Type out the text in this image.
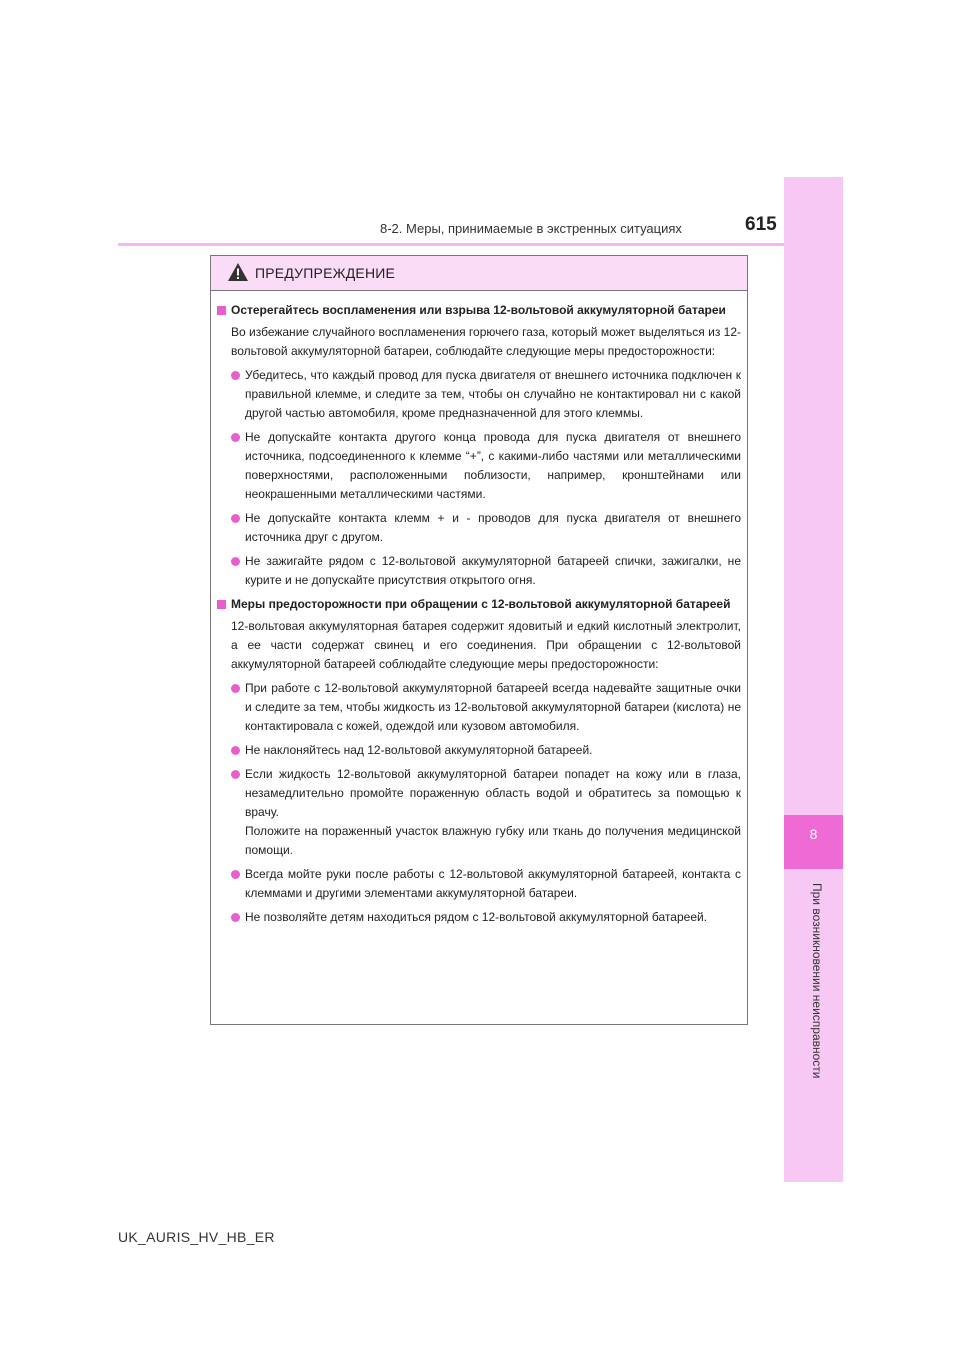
8-2. Меры, принимаемые в экстренных ситуациях	615
8
При возникновении неисправности
ПРЕДУПРЕЖДЕНИЕ
Остерегайтесь воспламенения или взрыва 12-вольтовой аккумуляторной батареи
Во избежание случайного воспламенения горючего газа, который может выделяться из 12-вольтовой аккумуляторной батареи, соблюдайте следующие меры предосторожности:
Убедитесь, что каждый провод для пуска двигателя от внешнего источника подключен к правильной клемме, и следите за тем, чтобы он случайно не контактировал ни с какой другой частью автомобиля, кроме предназначенной для этого клеммы.
Не допускайте контакта другого конца провода для пуска двигателя от внешнего источника, подсоединенного к клемме “+”, с какими-либо частями или металлическими поверхностями, расположенными поблизости, например, кронштейнами или неокрашенными металлическими частями.
Не допускайте контакта клемм + и - проводов для пуска двигателя от внешнего источника друг с другом.
Не зажигайте рядом с 12-вольтовой аккумуляторной батареей спички, зажигалки, не курите и не допускайте присутствия открытого огня.
Меры предосторожности при обращении с 12-вольтовой аккумуляторной батареей
12-вольтовая аккумуляторная батарея содержит ядовитый и едкий кислотный электролит, а ее части содержат свинец и его соединения. При обращении с 12-вольтовой аккумуляторной батареей соблюдайте следующие меры предосторожности:
При работе с 12-вольтовой аккумуляторной батареей всегда надевайте защитные очки и следите за тем, чтобы жидкость из 12-вольтовой аккумуляторной батареи (кислота) не контактировала с кожей, одеждой или кузовом автомобиля.
Не наклоняйтесь над 12-вольтовой аккумуляторной батареей.
Если жидкость 12-вольтовой аккумуляторной батареи попадет на кожу или в глаза, незамедлительно промойте пораженную область водой и обратитесь за помощью к врачу.
Положите на пораженный участок влажную губку или ткань до получения медицинской помощи.
Всегда мойте руки после работы с 12-вольтовой аккумуляторной батареей, контакта с клеммами и другими элементами аккумуляторной батареи.
Не позволяйте детям находиться рядом с 12-вольтовой аккумуляторной батареей.
UK_AURIS_HV_HB_ER
